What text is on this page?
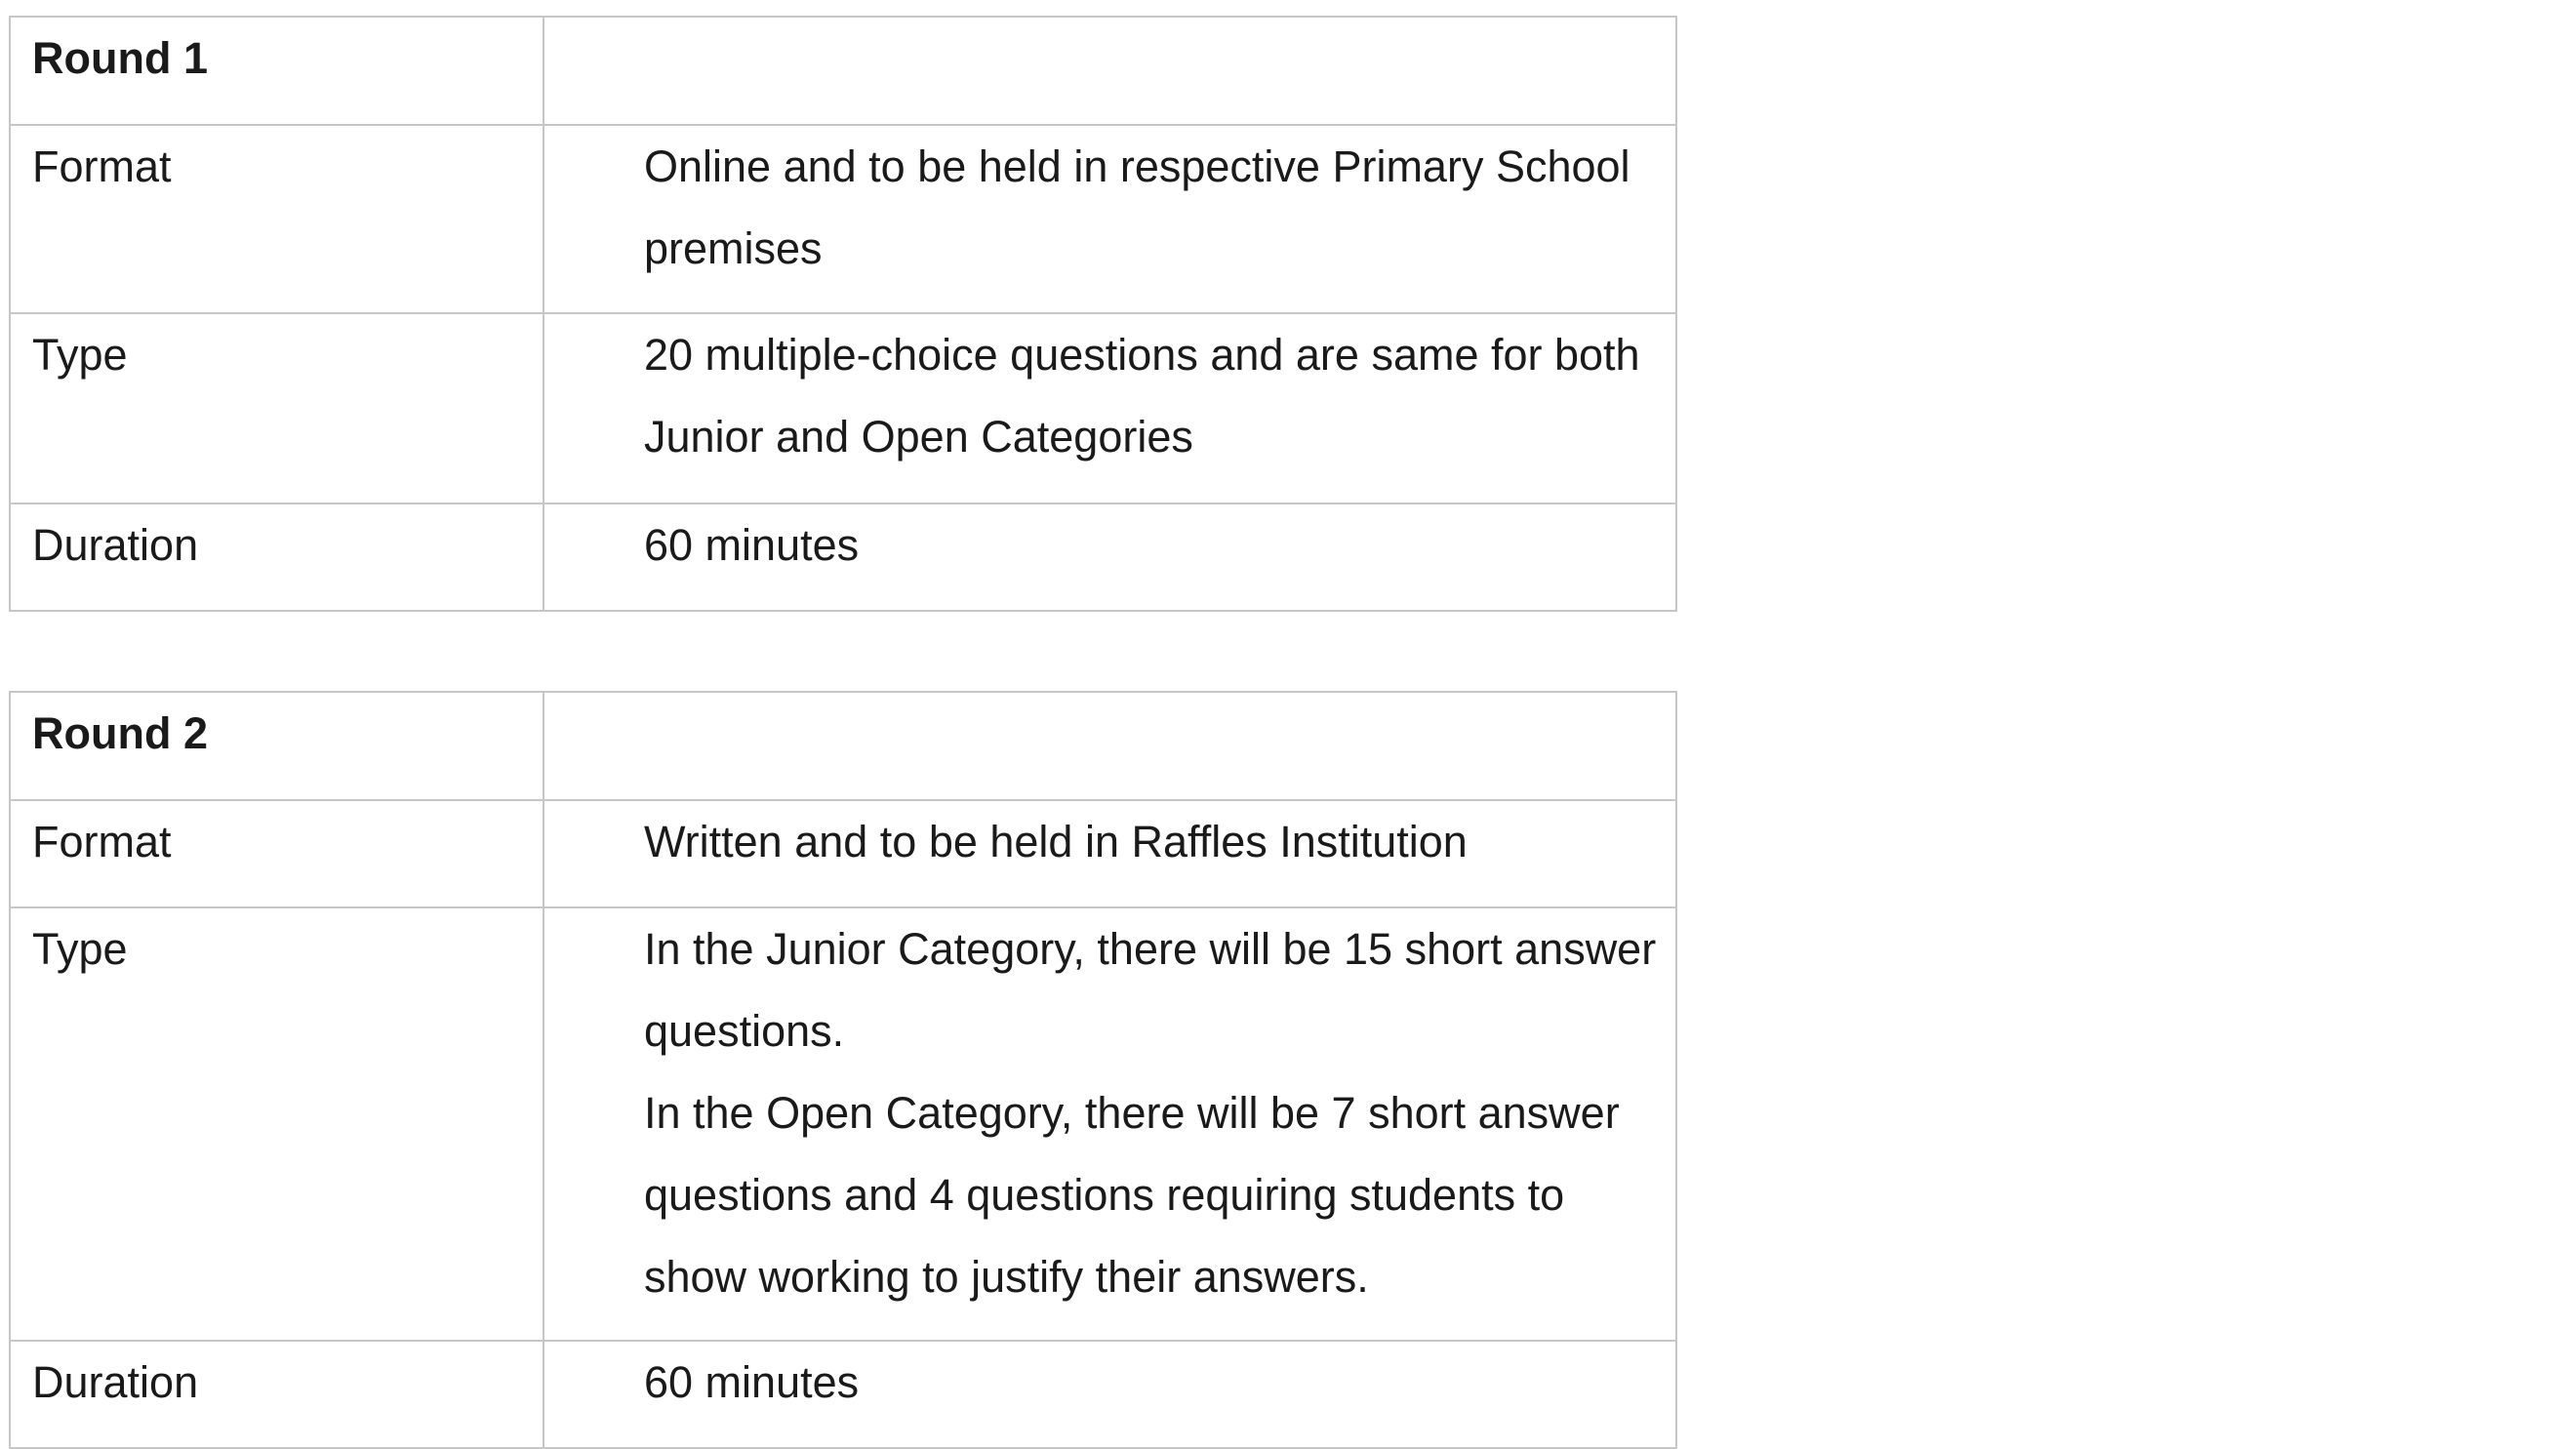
Round 1	

Format	Online and to be held in respective Primary School premises

Type	20 multiple-choice questions and are same for both Junior and Open Categories

Duration	60 minutes
Round 2	

Format	Written and to be held in Raffles Institution

Type	In the Junior Category, there will be 15 short answer questions.
In the Open Category, there will be 7 short answer questions and 4 questions requiring students to show working to justify their answers.

Duration	60 minutes
